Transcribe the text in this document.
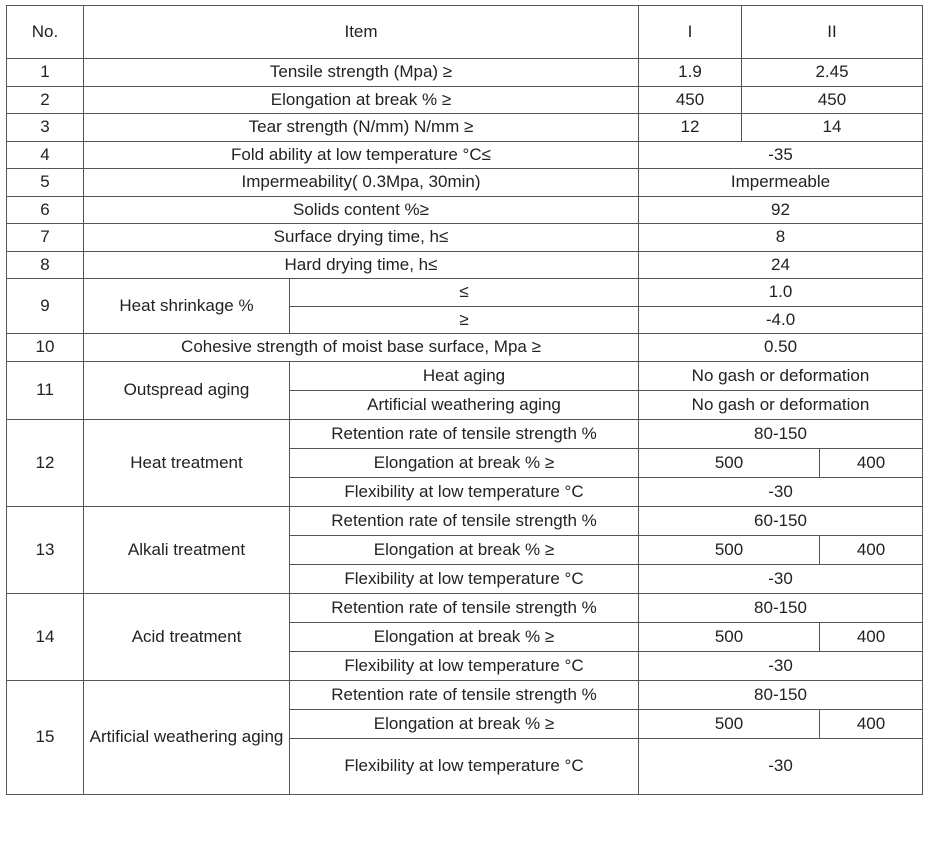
No.	Item		I	II	
1	Tensile strength (Mpa) ≥		1.9	2.45	
2	Elongation at break % ≥		450	450	
3	Tear strength (N/mm) N/mm ≥		12	14	
4	Fold ability at low temperature °C≤		-35		
5	Impermeability( 0.3Mpa, 30min)		Impermeable		
6	Solids content %≥		92		
7	Surface drying time, h≤		8		
8	Hard drying time, h≤		24		
9	Heat shrinkage %	≤	1.0		
		≥	-4.0		
10	Cohesive strength of moist base surface, Mpa ≥		0.50		
11	Outspread aging	Heat aging	No gash or deformation		
		Artificial weathering aging	No gash or deformation		
12	Heat treatment	Retention rate of tensile strength %	80-150		
		Elongation at break % ≥	500		400
		Flexibility at low temperature °C	-30		
13	Alkali treatment	Retention rate of tensile strength %	60-150		
		Elongation at break % ≥	500		400
		Flexibility at low temperature °C	-30		
14	Acid treatment	Retention rate of tensile strength %	80-150		
		Elongation at break % ≥	500		400
		Flexibility at low temperature °C	-30		
15	Artificial weathering aging	Retention rate of tensile strength %	80-150		
		Elongation at break % ≥	500		400
		Flexibility at low temperature °C	-30		
